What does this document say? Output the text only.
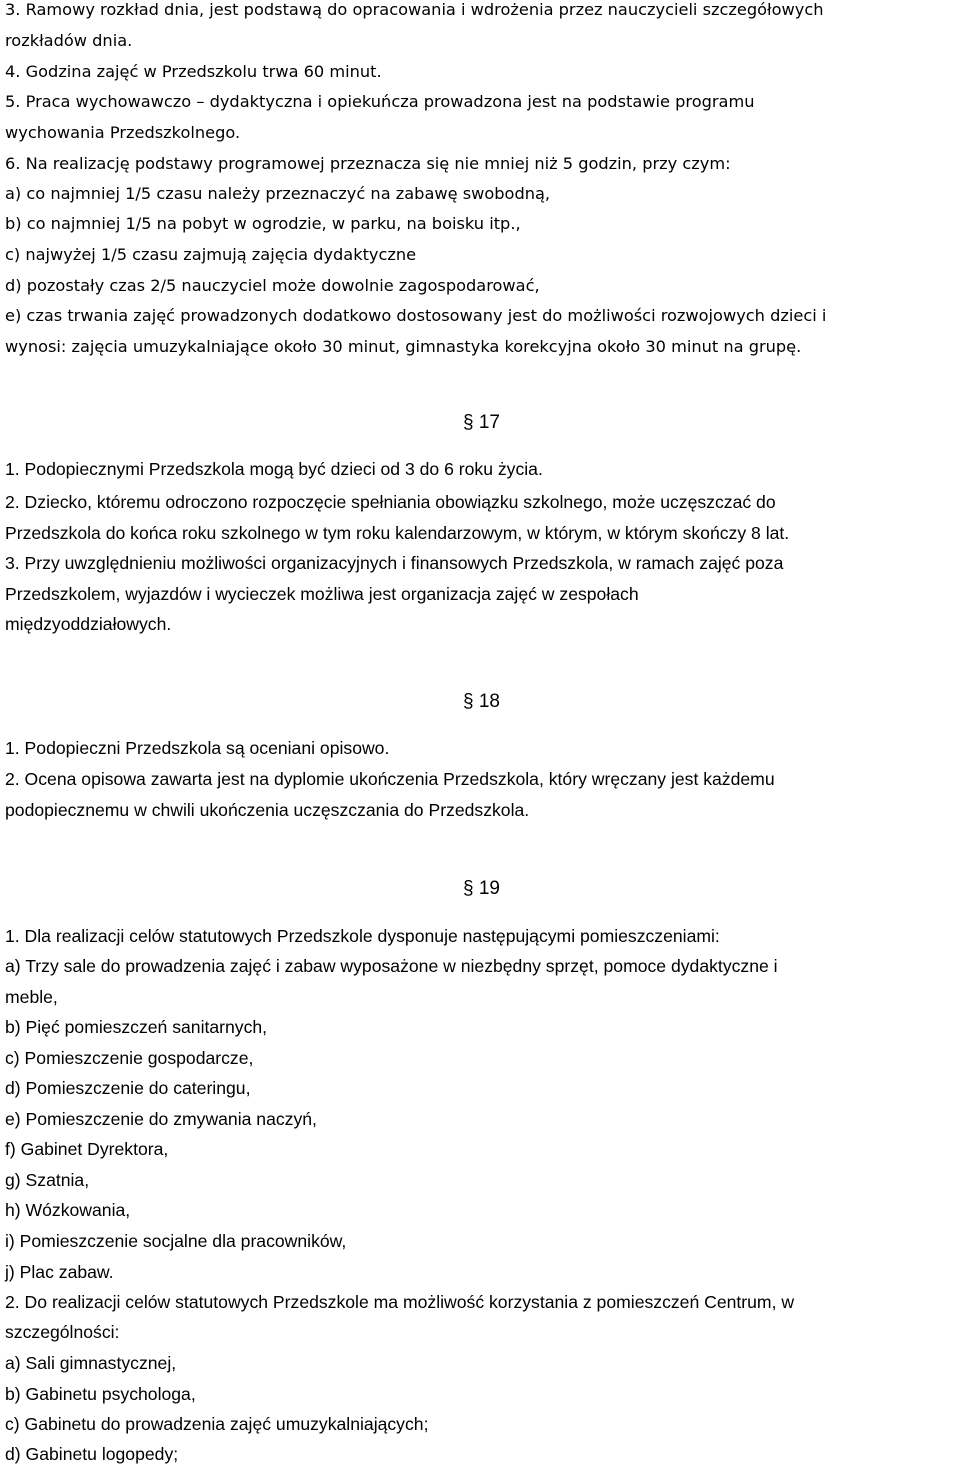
3. Ramowy rozkład dnia, jest podstawą do opracowania i wdrożenia przez nauczycieli szczegółowych
rozkładów dnia.
4. Godzina zajęć w Przedszkolu trwa 60 minut.
5. Praca wychowawczo – dydaktyczna i opiekuńcza prowadzona jest na podstawie programu
wychowania Przedszkolnego.
6. Na realizację podstawy programowej przeznacza się nie mniej niż 5 godzin, przy czym:
a) co najmniej 1/5 czasu należy przeznaczyć na zabawę swobodną,
b) co najmniej 1/5 na pobyt w ogrodzie, w parku, na boisku itp.,
c) najwyżej 1/5 czasu zajmują zajęcia dydaktyczne
d) pozostały czas 2/5 nauczyciel może dowolnie zagospodarować,
e) czas trwania zajęć prowadzonych dodatkowo dostosowany jest do możliwości rozwojowych dzieci i
wynosi: zajęcia umuzykalniające około 30 minut, gimnastyka korekcyjna około 30 minut na grupę.
§ 17
1. Podopiecznymi Przedszkola mogą być dzieci od 3 do 6 roku życia.
2. Dziecko, któremu odroczono rozpoczęcie spełniania obowiązku szkolnego, może uczęszczać do
Przedszkola do końca roku szkolnego w tym roku kalendarzowym, w którym, w którym skończy 8 lat.
3. Przy uwzględnieniu możliwości organizacyjnych i finansowych Przedszkola, w ramach zajęć poza
Przedszkolem, wyjazdów i wycieczek możliwa jest organizacja zajęć w zespołach
międzyoddziałowych.
§ 18
1. Podopieczni Przedszkola są oceniani opisowo.
2. Ocena opisowa zawarta jest na dyplomie ukończenia Przedszkola, który wręczany jest każdemu
podopiecznemu w chwili ukończenia uczęszczania do Przedszkola.
§ 19
1. Dla realizacji celów statutowych Przedszkole dysponuje następującymi pomieszczeniami:
a) Trzy sale do prowadzenia zajęć i zabaw wyposażone w niezbędny sprzęt, pomoce dydaktyczne i
meble,
b) Pięć pomieszczeń sanitarnych,
c) Pomieszczenie gospodarcze,
d) Pomieszczenie do cateringu,
e) Pomieszczenie do zmywania naczyń,
f) Gabinet Dyrektora,
g) Szatnia,
h) Wózkowania,
i) Pomieszczenie socjalne dla pracowników,
j) Plac zabaw.
2. Do realizacji celów statutowych Przedszkole ma możliwość korzystania z pomieszczeń Centrum, w
szczególności:
a) Sali gimnastycznej,
b) Gabinetu psychologa,
c) Gabinetu do prowadzenia zajęć umuzykalniających;
d) Gabinetu logopedy;
